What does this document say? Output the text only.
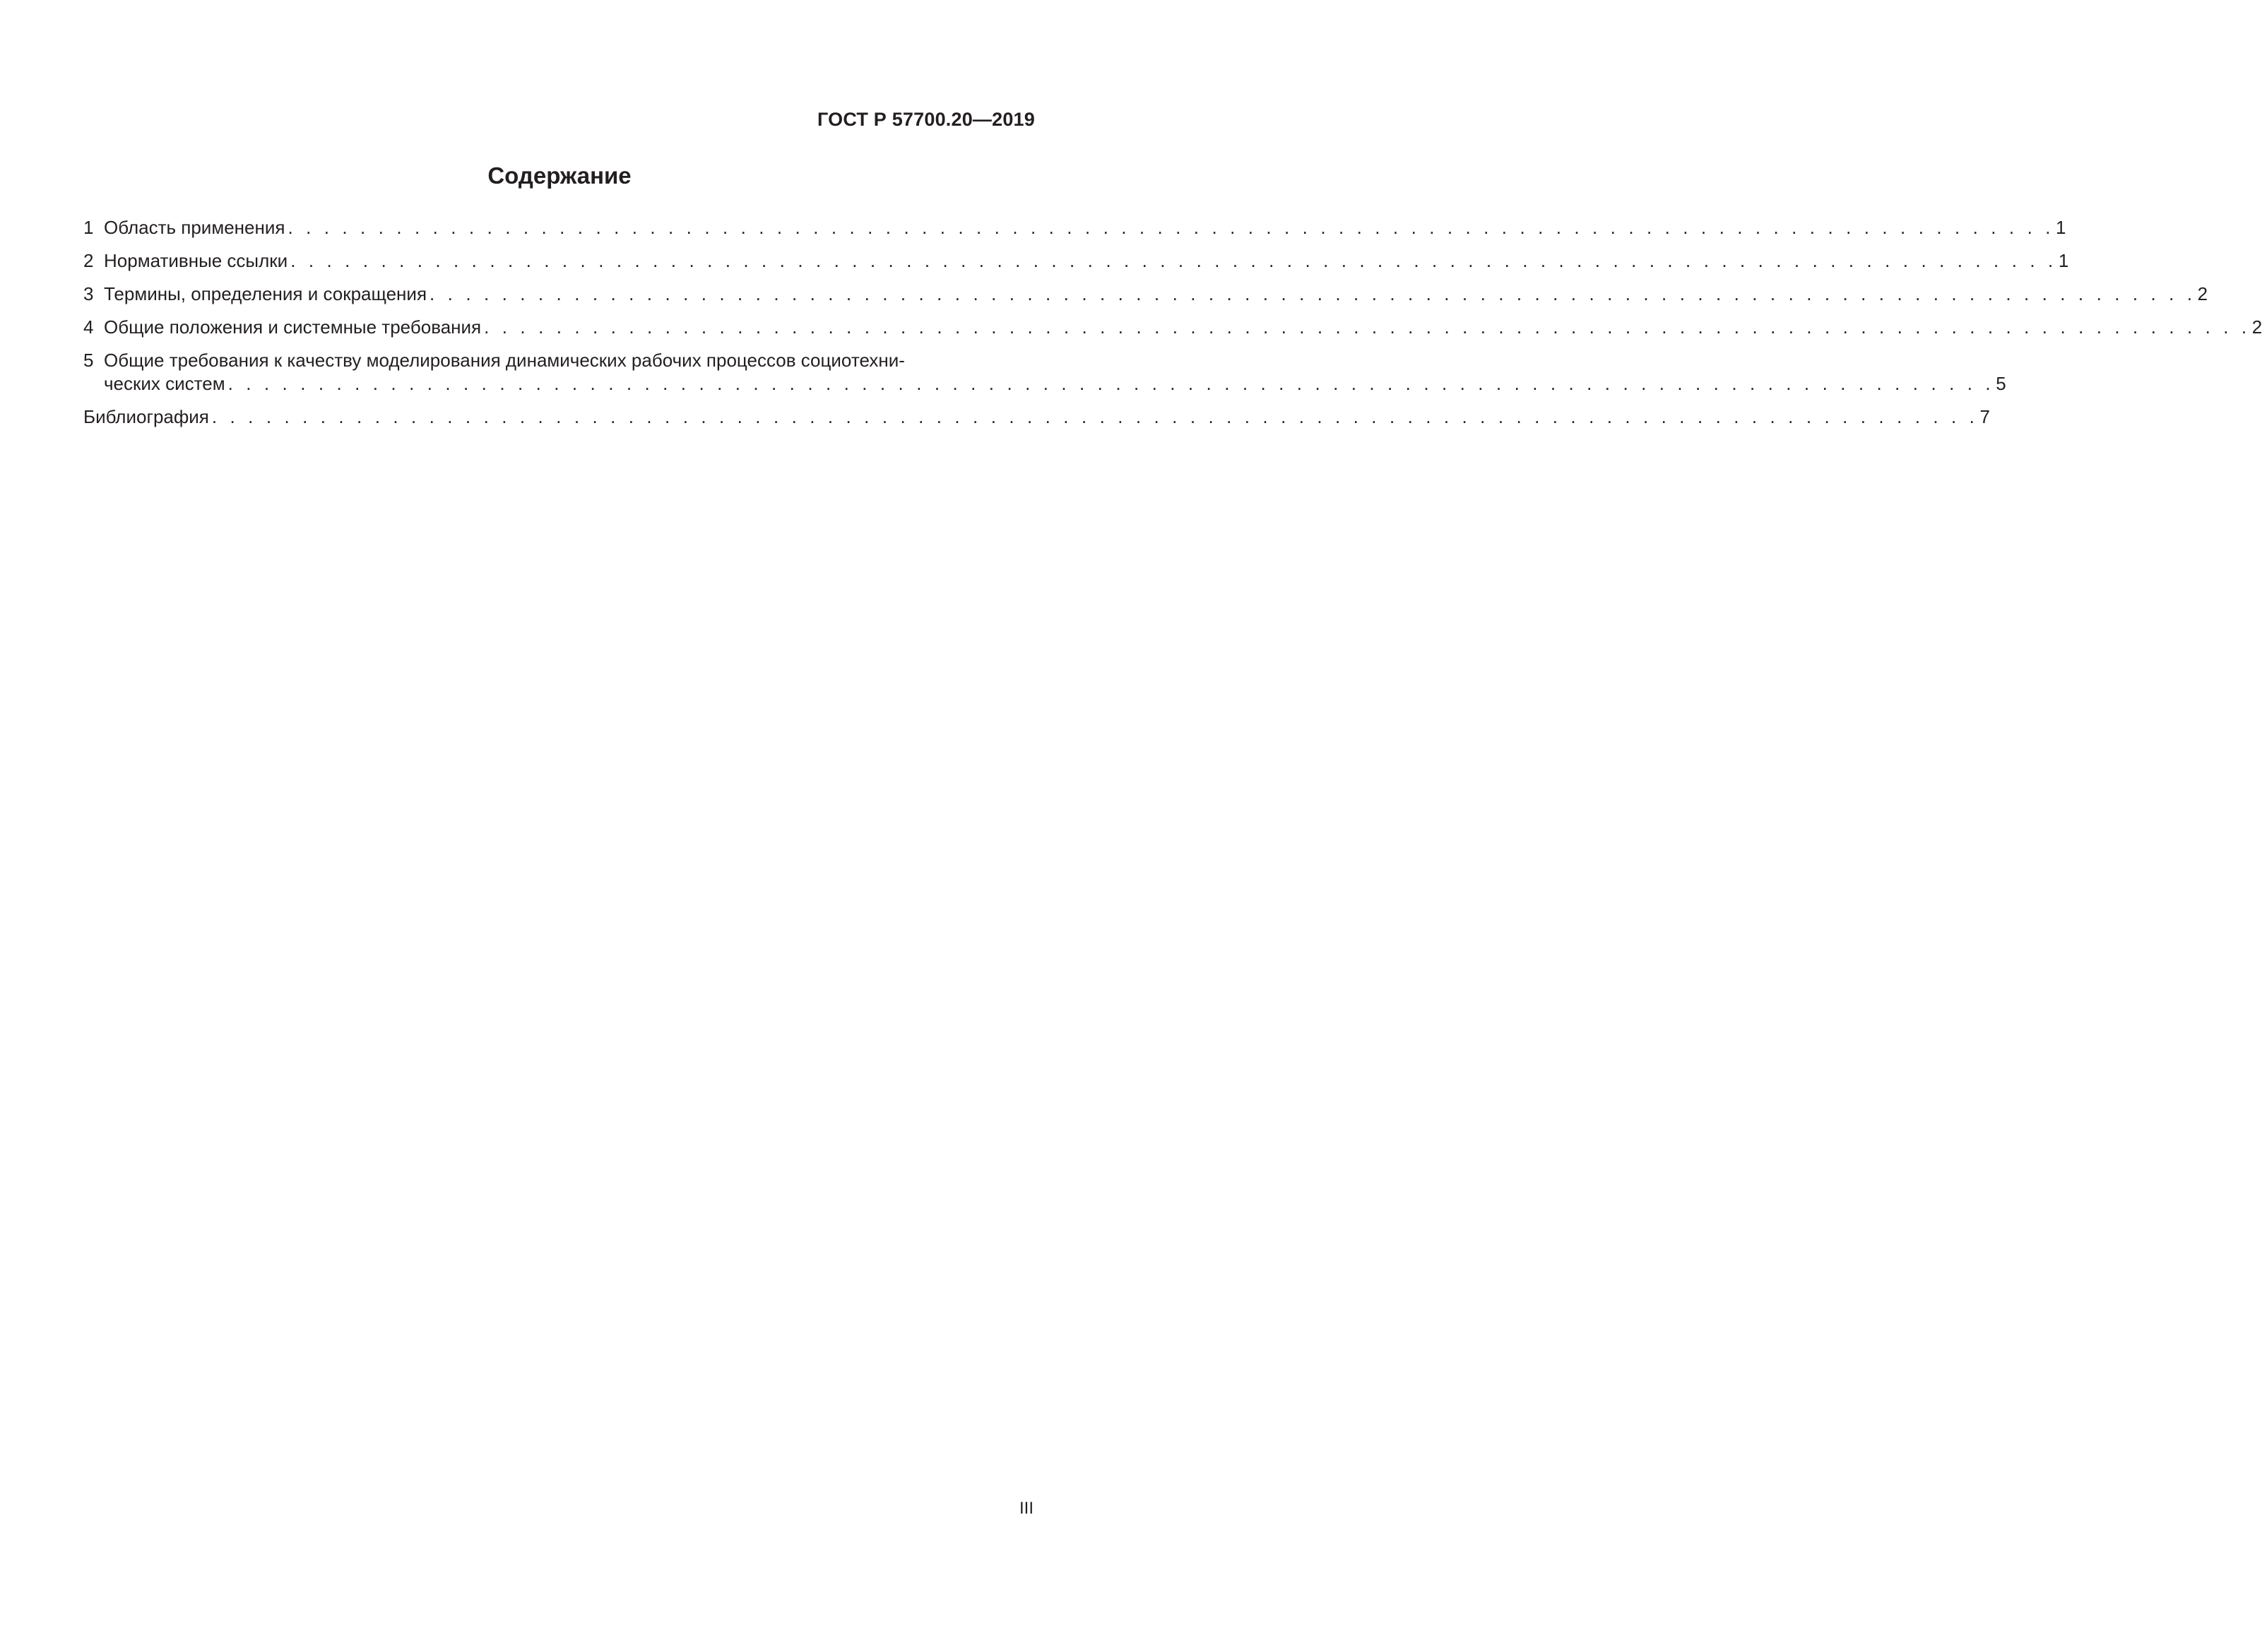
ГОСТ Р 57700.20—2019
Содержание
1 Область применения . . . . . . . . . . . . . . . . . . . . . . . . . . . . . . . . . . . . . . . . . . . . . . . . . . . . . . . . . . . . . . . . . . . . . . . . . . . . . . . . . . . . . . . . . . . . . . . . . . 1
2 Нормативные ссылки . . . . . . . . . . . . . . . . . . . . . . . . . . . . . . . . . . . . . . . . . . . . . . . . . . . . . . . . . . . . . . . . . . . . . . . . . . . . . . . . . . . . . . . . . . . . . . . . . . 1
3 Термины, определения и сокращения . . . . . . . . . . . . . . . . . . . . . . . . . . . . . . . . . . . . . . . . . . . . . . . . . . . . . . . . . . . . . . . . . . . . . . . . . . . . . . . . . . . . . . . . . . . . . . . . . . 2
4 Общие положения и системные требования . . . . . . . . . . . . . . . . . . . . . . . . . . . . . . . . . . . . . . . . . . . . . . . . . . . . . . . . . . . . . . . . . . . . . . . . . . . . . . . . . . . . . . . . . . . . . . . . . . 2
5 Общие требования к качеству моделирования динамических рабочих процессов социотехни-
ческих систем . . . . . . . . . . . . . . . . . . . . . . . . . . . . . . . . . . . . . . . . . . . . . . . . . . . . . . . . . . . . . . . . . . . . . . . . . . . . . . . . . . . . . . . . . . . . . . . . . . 5
Библиография . . . . . . . . . . . . . . . . . . . . . . . . . . . . . . . . . . . . . . . . . . . . . . . . . . . . . . . . . . . . . . . . . . . . . . . . . . . . . . . . . . . . . . . . . . . . . . . . . . 7
III
